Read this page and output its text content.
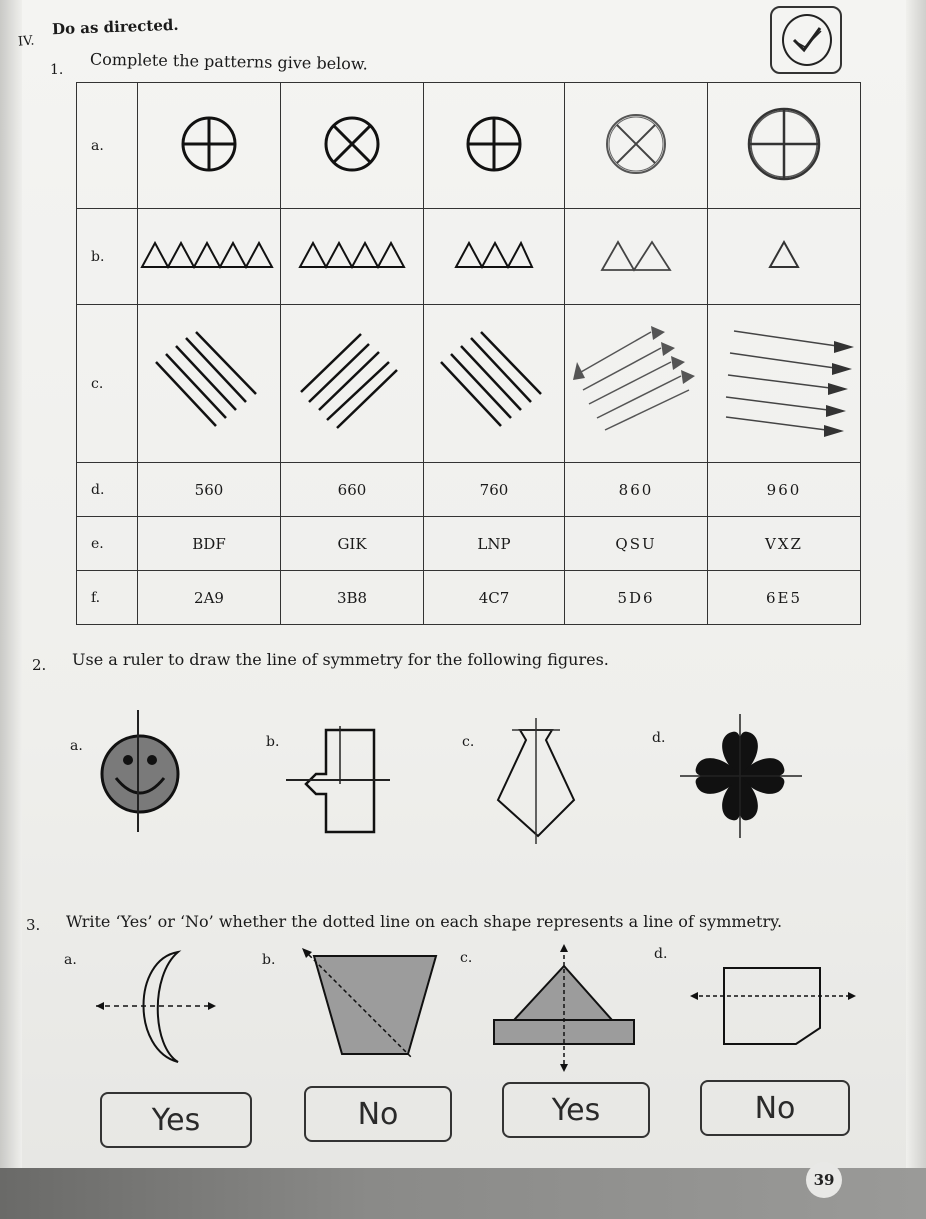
IV.
Do as directed.
1. Complete the patterns give below.
a.					
b.					
c.					
d.	560	660	760	860	960
e.	BDF	GIK	LNP	QSU	VXZ
f.	2A9	3B8	4C7	5D6	6E5
2. Use a ruler to draw the line of symmetry for the following figures.
a.	b.	c.	d.
3. Write ‘Yes’ or ‘No’ whether the dotted line on each shape represents a line of symmetry.
a.	b.	c.	d.
Yes	No	Yes	No
39
